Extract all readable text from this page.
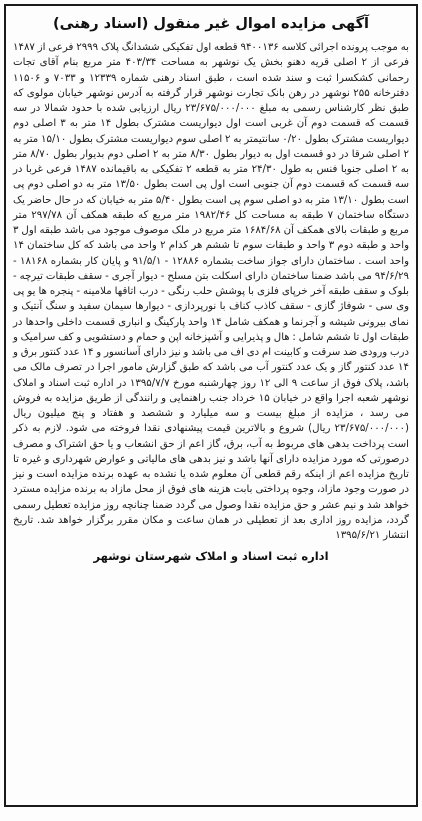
آگهی مزایده اموال غیر منقول (اسناد رهنی)

به موجب پرونده اجرائی کلاسه ۹۴۰۰۱۳۶ قطعه اول تفکیکی ششدانگ پلاک ۲۹۹۹ فرعی از ۱۴۸۷ فرعی از ۲ اصلی قریه دهنو بخش یک نوشهر به مساحت ۴۰۳/۳۴ متر مربع بنام آقای تجات رحمانی کشکسرا ثبت و سند شده است ، طبق اسناد رهنی شماره ۱۲۳۳۹ و ۷۰۳۳ و ۱۱۵۰۶ دفترخانه ۲۵۵ نوشهر در رهن بانک تجارت نوشهر قرار گرفته به آدرس نوشهر خیابان مولوی که طبق نظر کارشناس رسمی به مبلغ ۲۳/۶۷۵/۰۰۰/۰۰۰ ریال ارزیابی شده با حدود شمالا در سه قسمت که قسمت دوم آن غربی است اول دیواریست مشترک بطول ۱۴ متر به ۳ اصلی دوم دیواریست مشترک بطول ۰/۲۰ سانتیمتر به ۲ اصلی سوم دیواریست مشترک بطول ۱۵/۱۰ متر به ۲ اصلی شرقا در دو قسمت اول به دیوار بطول ۸/۳۰ متر به ۲ اصلی دوم بدیوار بطول ۸/۷۰ متر به ۲ اصلی جنوبا فنس به طول ۲۴/۳۰ متر به قطعه ۲ تفکیکی به باقیمانده ۱۴۸۷ فرعی غربا در سه قسمت که قسمت دوم آن جنوبی است اول پی است بطول ۱۳/۵۰ متر به دو اصلی دوم پی است بطول ۱۳/۱۰ متر به دو اصلی سوم پی است بطول ۵/۴۰ متر به خیابان که در حال حاضر یک دستگاه ساختمان ۷ طبقه به مساحت کل ۱۹۸۲/۴۶ متر مربع که طبقه همکف آن ۲۹۷/۷۸ متر مربع و طبقات بالای همکف آن ۱۶۸۴/۶۸ متر مربع در ملک موصوف موجود می باشد طبقه اول ۳ واحد و طبقه دوم ۳ واحد و طبقات سوم تا ششم هر کدام ۲ واحد می باشد که کل ساختمان ۱۴ واحد است . ساختمان دارای جواز ساخت بشماره ۱۲۸۸۶ - ۹۱/۵/۱ و پایان کار بشماره ۱۸۱۶۸ - ۹۴/۶/۲۹ می باشد ضمنا ساختمان دارای اسکلت بتن مسلح - دیوار آجری - سقف طبقات تیرچه - بلوک و سقف طبقه آخر خرپای فلزی با پوشش حلب رنگی - درب اتاقها ملامینه - پنجره ها یو پی وی سی - شوفاژ گازی - سقف کاذب کناف با نورپردازی - دیوارها سیمان سفید و سنگ آنتیک و نمای بیرونی شیشه و آجرنما و همکف شامل ۱۴ واحد پارکینگ و انباری قسمت داخلی واحدها در طبقات اول تا ششم شامل : هال و پذیرایی و آشپزخانه اپن و حمام و دستشویی و کف سرامیک و درب ورودی ضد سرقت و کابینت ام دی اف می باشد و نیز دارای آسانسور و ۱۴ عدد کنتور برق و ۱۴ عدد کنتور گاز و یک عدد کنتور آب می باشد که طبق گزارش مامور اجرا در تصرف مالک می باشد، پلاک فوق از ساعت ۹ الی ۱۲ روز چهارشنبه مورخ ۱۳۹۵/۷/۷ در اداره ثبت اسناد و املاک نوشهر شعبه اجرا واقع در خیابان ۱۵ خرداد جنب راهنمایی و رانندگی از طریق مزایده به فروش می رسد ، مزایده از مبلغ بیست و سه میلیارد و ششصد و هفتاد و پنج میلیون ریال (۲۳/۶۷۵/۰۰۰/۰۰۰ ریال) شروع و بالاترین قیمت پیشنهادی نقدا فروخته می شود. لازم به ذکر است پرداخت بدهی های مربوط به آب، برق، گاز اعم از حق انشعاب و یا حق اشتراک و مصرف درصورتی که مورد مزایده دارای آنها باشد و نیز بدهی های مالیاتی و عوارض شهرداری و غیره تا تاریخ مزایده اعم از اینکه رقم قطعی آن معلوم شده یا نشده به عهده برنده مزایده است و نیز در صورت وجود مازاد، وجوه پرداختی بابت هزینه های فوق از محل مازاد به برنده مزایده مسترد خواهد شد و نیم عشر و حق مزایده نقدا وصول می گردد ضمنا چنانچه روز مزایده تعطیل رسمی گردد، مزایده روز اداری بعد از تعطیلی در همان ساعت و مکان مقرر برگزار خواهد شد. تاریخ انتشار ۱۳۹۵/۶/۲۱

اداره ثبت اسناد و املاک شهرستان نوشهر
